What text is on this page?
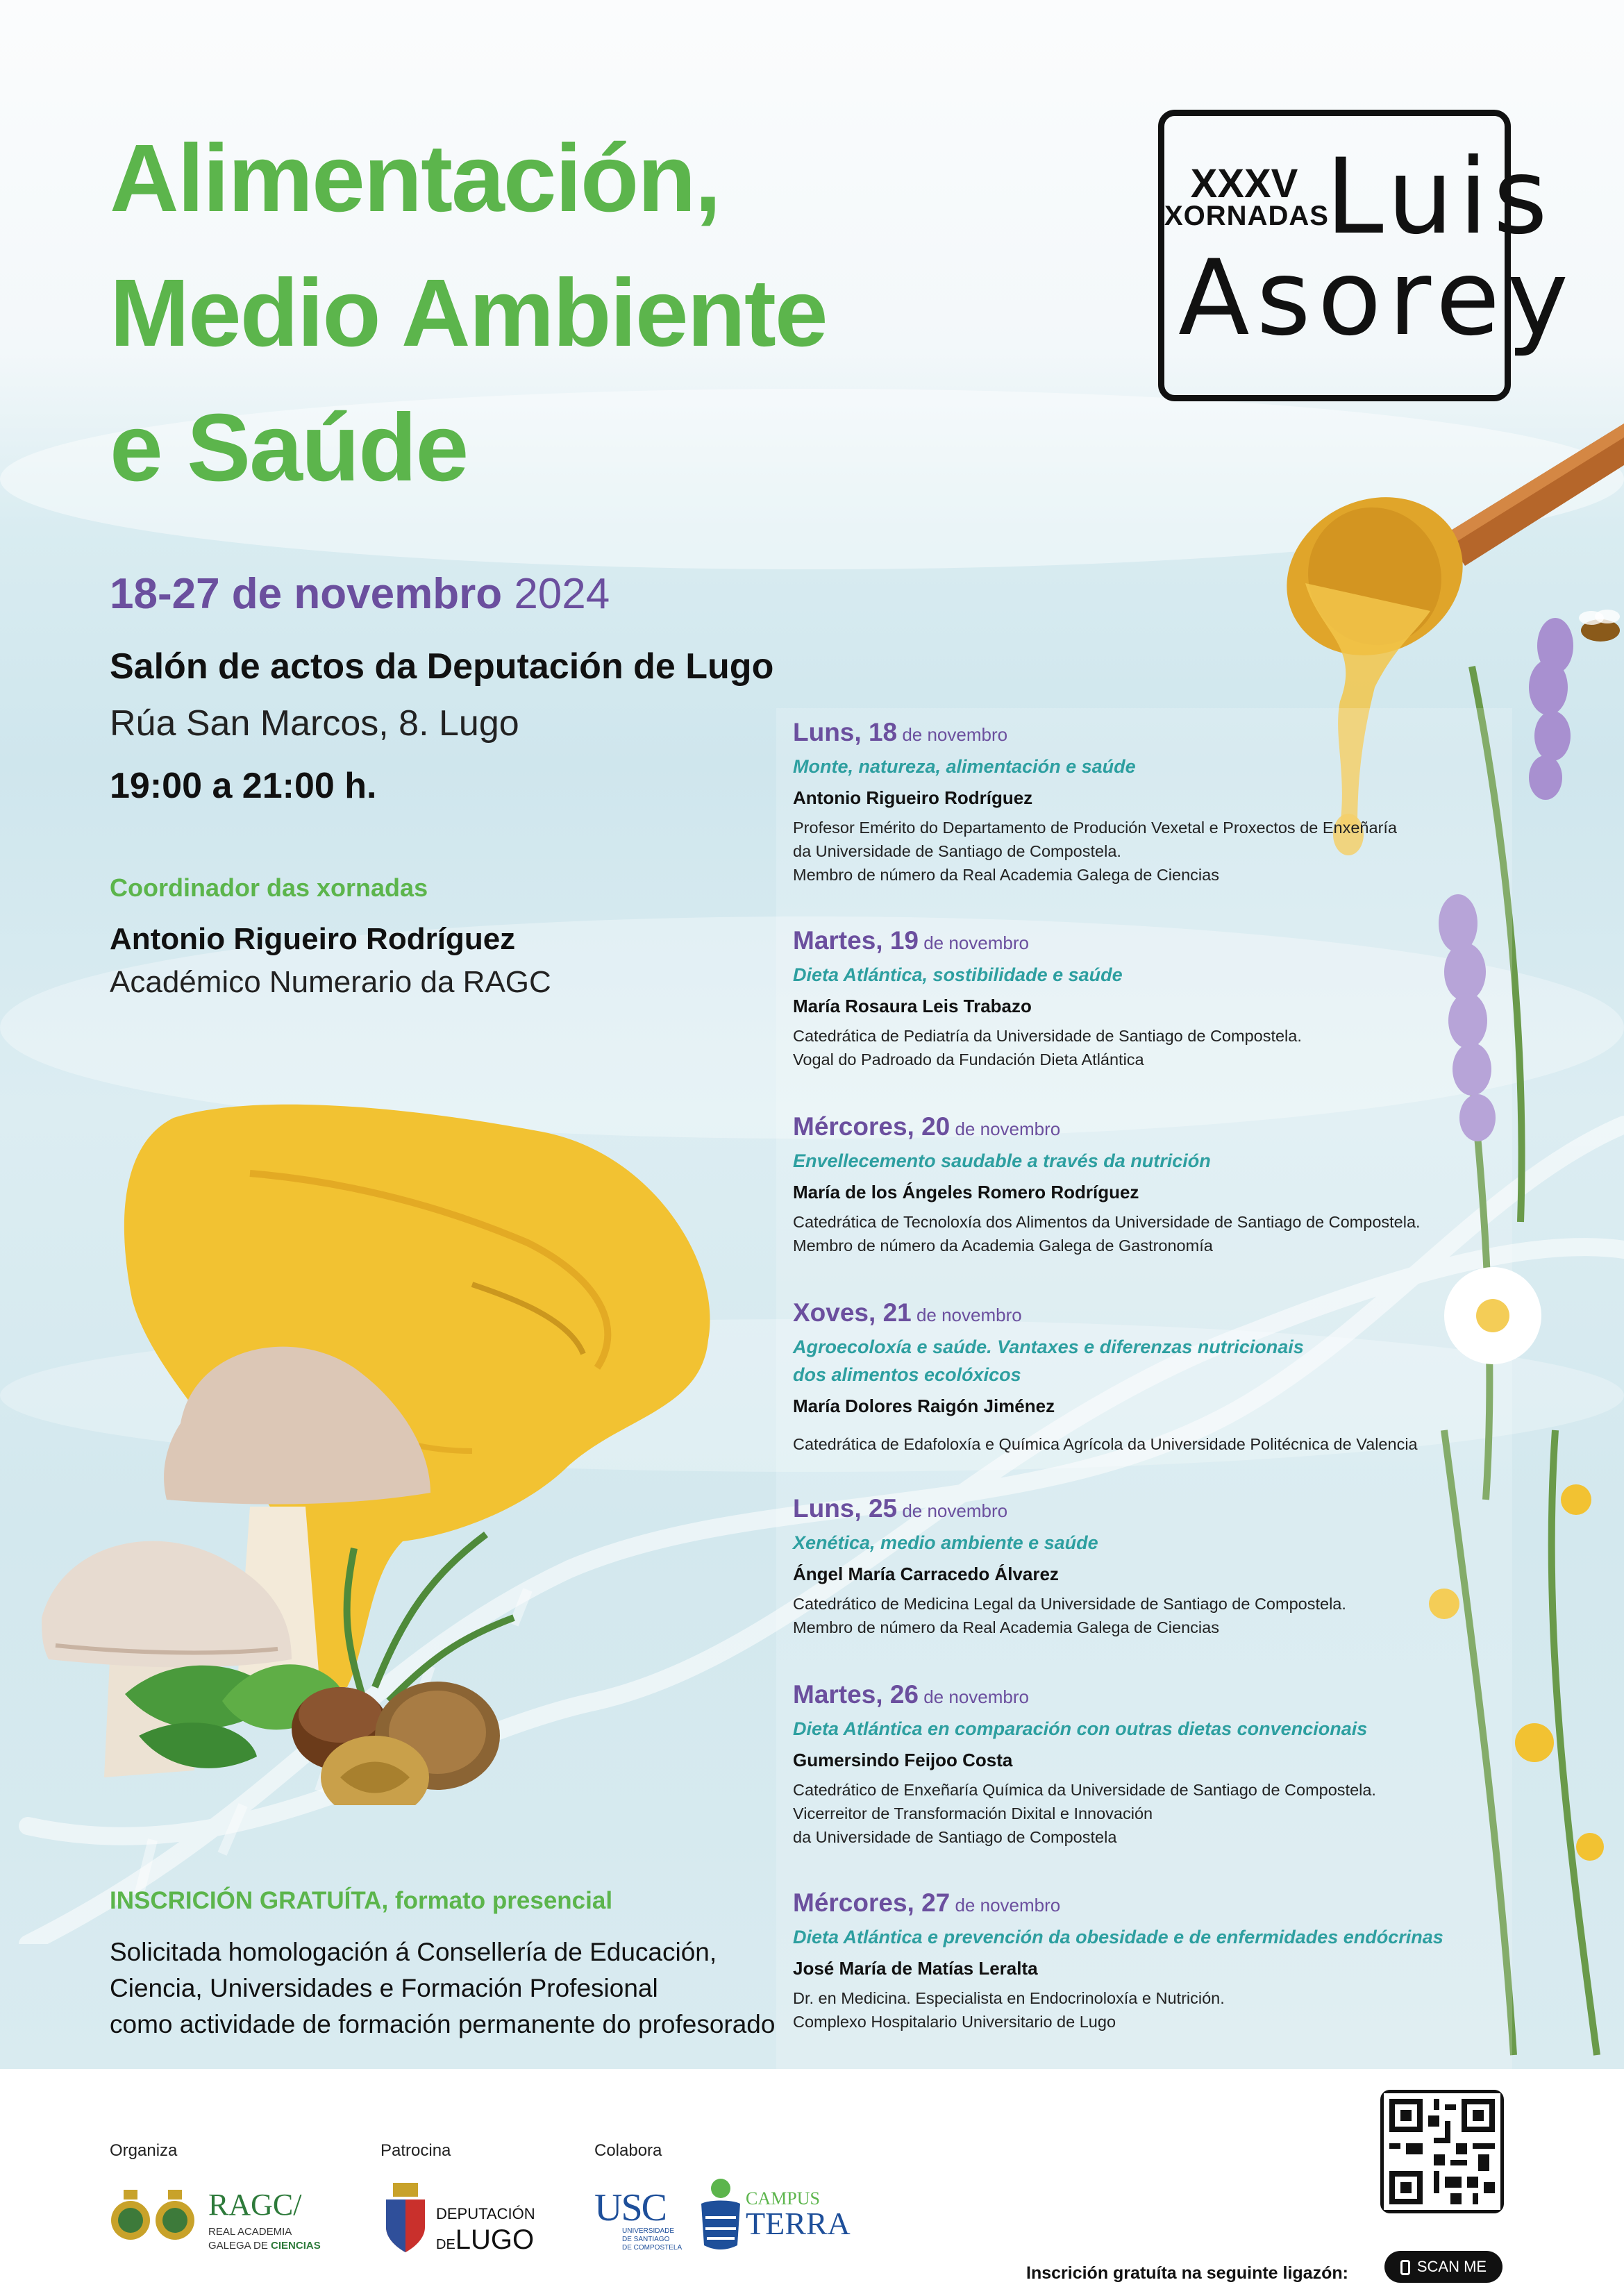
Alimentación,
Medio Ambiente
e Saúde
XXXV
XORNADAS
Luis
Asorey
18-27 de novembro 2024
Salón de actos da Deputación de Lugo
Rúa San Marcos, 8. Lugo
19:00 a 21:00 h.
Coordinador das xornadas
Antonio Rigueiro Rodríguez
Académico Numerario da RAGC
Luns, 18 de novembro
Monte, natureza, alimentación e saúde
Antonio Rigueiro Rodríguez
Profesor Emérito do Departamento de Produción Vexetal e Proxectos de Enxeñaría
da Universidade de Santiago de Compostela.
Membro de número da Real Academia Galega de Ciencias
Martes, 19 de novembro
Dieta Atlántica, sostibilidade e saúde
María Rosaura Leis Trabazo
Catedrática de Pediatría da Universidade de Santiago de Compostela.
Vogal do Padroado da Fundación Dieta Atlántica
Mércores, 20 de novembro
Envellecemento saudable a través da nutrición
María de los Ángeles Romero Rodríguez
Catedrática de Tecnoloxía dos Alimentos da Universidade de Santiago de Compostela.
Membro de número da Academia Galega de Gastronomía
Xoves, 21 de novembro
Agroecoloxía e saúde. Vantaxes e diferenzas nutricionais
dos alimentos ecolóxicos
María Dolores Raigón Jiménez
Catedrática de Edafoloxía e Química Agrícola da Universidade Politécnica de Valencia
Luns, 25 de novembro
Xenética, medio ambiente e saúde
Ángel María Carracedo Álvarez
Catedrático de Medicina Legal da Universidade de Santiago de Compostela.
Membro de número da Real Academia Galega de Ciencias
Martes, 26 de novembro
Dieta Atlántica en comparación con outras dietas convencionais
Gumersindo Feijoo Costa
Catedrático de Enxeñaría Química da Universidade de Santiago de Compostela.
Vicerreitor de Transformación Dixital e Innovación
da Universidade de Santiago de Compostela
Mércores, 27 de novembro
Dieta Atlántica e prevención da obesidade e de enfermidades endócrinas
José María de Matías Leralta
Dr. en Medicina. Especialista en Endocrinoloxía e Nutrición.
Complexo Hospitalario Universitario de Lugo
INSCRICIÓN GRATUÍTA, formato presencial
Solicitada homologación á Consellería de Educación,
Ciencia, Universidades e Formación Profesional
como actividade de formación permanente do profesorado
Organiza	Patrocina	Colabora
RAGC/
REAL ACADEMIA
GALEGA DE CIENCIAS
DEPUTACIÓN
DELUGO
USC
UNIVERSIDADE
DE SANTIAGO
DE COMPOSTELA
CAMPUS
TERRA
Inscrición gratuíta na seguinte ligazón:	SCAN ME
